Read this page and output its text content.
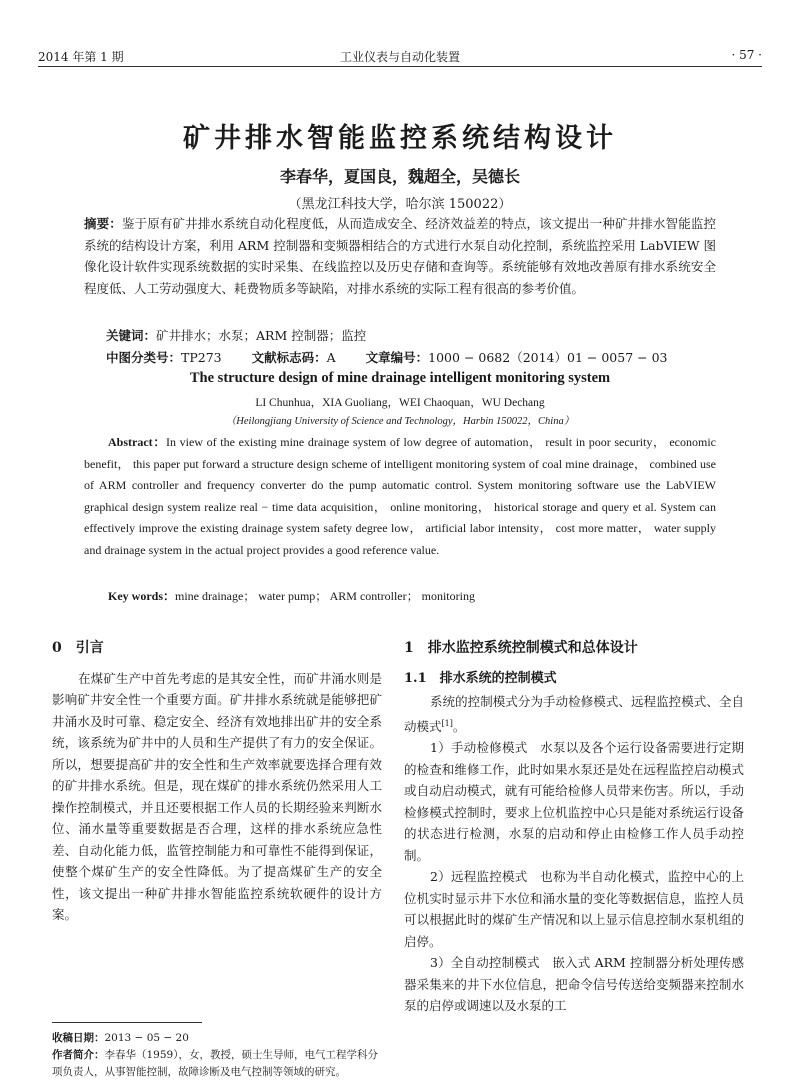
2014 年第 1 期	工业仪表与自动化装置	· 57 ·
矿井排水智能监控系统结构设计
李春华，夏国良，魏超全，吴德长
（黑龙江科技大学，哈尔滨 150022）
摘要：鉴于原有矿井排水系统自动化程度低，从而造成安全、经济效益差的特点，该文提出一种矿井排水智能监控系统的结构设计方案，利用 ARM 控制器和变频器相结合的方式进行水泵自动化控制，系统监控采用 LabVIEW 图像化设计软件实现系统数据的实时采集、在线监控以及历史存储和查询等。系统能够有效地改善原有排水系统安全程度低、人工劳动强度大、耗费物质多等缺陷，对排水系统的实际工程有很高的参考价值。
关键词：矿井排水；水泵；ARM 控制器；监控
中图分类号：TP273 文献标志码：A 文章编号：1000 − 0682（2014）01 − 0057 − 03
The structure design of mine drainage intelligent monitoring system
LI Chunhua，XIA Guoliang，WEI Chaoquan，WU Dechang
（Heilongjiang University of Science and Technology，Harbin 150022，China）
Abstract：In view of the existing mine drainage system of low degree of automation， result in poor security， economic benefit， this paper put forward a structure design scheme of intelligent monitoring system of coal mine drainage， combined use of ARM controller and frequency converter do the pump automatic control. System monitoring software use the LabVIEW graphical design system realize real − time data acquisition， online monitoring， historical storage and query et al. System can effectively improve the existing drainage system safety degree low， artificial labor intensity， cost more matter， water supply and drainage system in the actual project provides a good reference value.
Key words：mine drainage； water pump； ARM controller； monitoring
0　引言

在煤矿生产中首先考虑的是其安全性，而矿井涌水则是影响矿井安全性一个重要方面。矿井排水系统就是能够把矿井涌水及时可靠、稳定安全、经济有效地排出矿井的安全系统，该系统为矿井中的人员和生产提供了有力的安全保证。所以，想要提高矿井的安全性和生产效率就要选择合理有效的矿井排水系统。但是，现在煤矿的排水系统仍然采用人工操作控制模式，并且还要根据工作人员的长期经验来判断水位、涌水量等重要数据是否合理，这样的排水系统应急性差、自动化能力低，监管控制能力和可靠性不能得到保证，使整个煤矿生产的安全性降低。为了提高煤矿生产的安全性，该文提出一种矿井排水智能监控系统软硬件的设计方案。

1　排水监控系统控制模式和总体设计
1.1　排水系统的控制模式

系统的控制模式分为手动检修模式、远程监控模式、全自动模式[1]。

1）手动检修模式　水泵以及各个运行设备需要进行定期的检查和维修工作，此时如果水泵还是处在远程监控启动模式或自动启动模式，就有可能给检修人员带来伤害。所以，手动检修模式控制时，要求上位机监控中心只是能对系统运行设备的状态进行检测，水泵的启动和停止由检修工作人员手动控制。

2）远程监控模式　也称为半自动化模式，监控中心的上位机实时显示井下水位和涌水量的变化等数据信息，监控人员可以根据此时的煤矿生产情况和以上显示信息控制水泵机组的启停。

3）全自动控制模式　嵌入式 ARM 控制器分析处理传感器采集来的井下水位信息，把命令信号传送给变频器来控制水泵的启停或调速以及水泵的工

收稿日期：2013 − 05 − 20
作者简介：李春华（1959），女，教授，硕士生导师，电气工程学科分项负责人，从事智能控制，故障诊断及电气控制等领域的研究。
